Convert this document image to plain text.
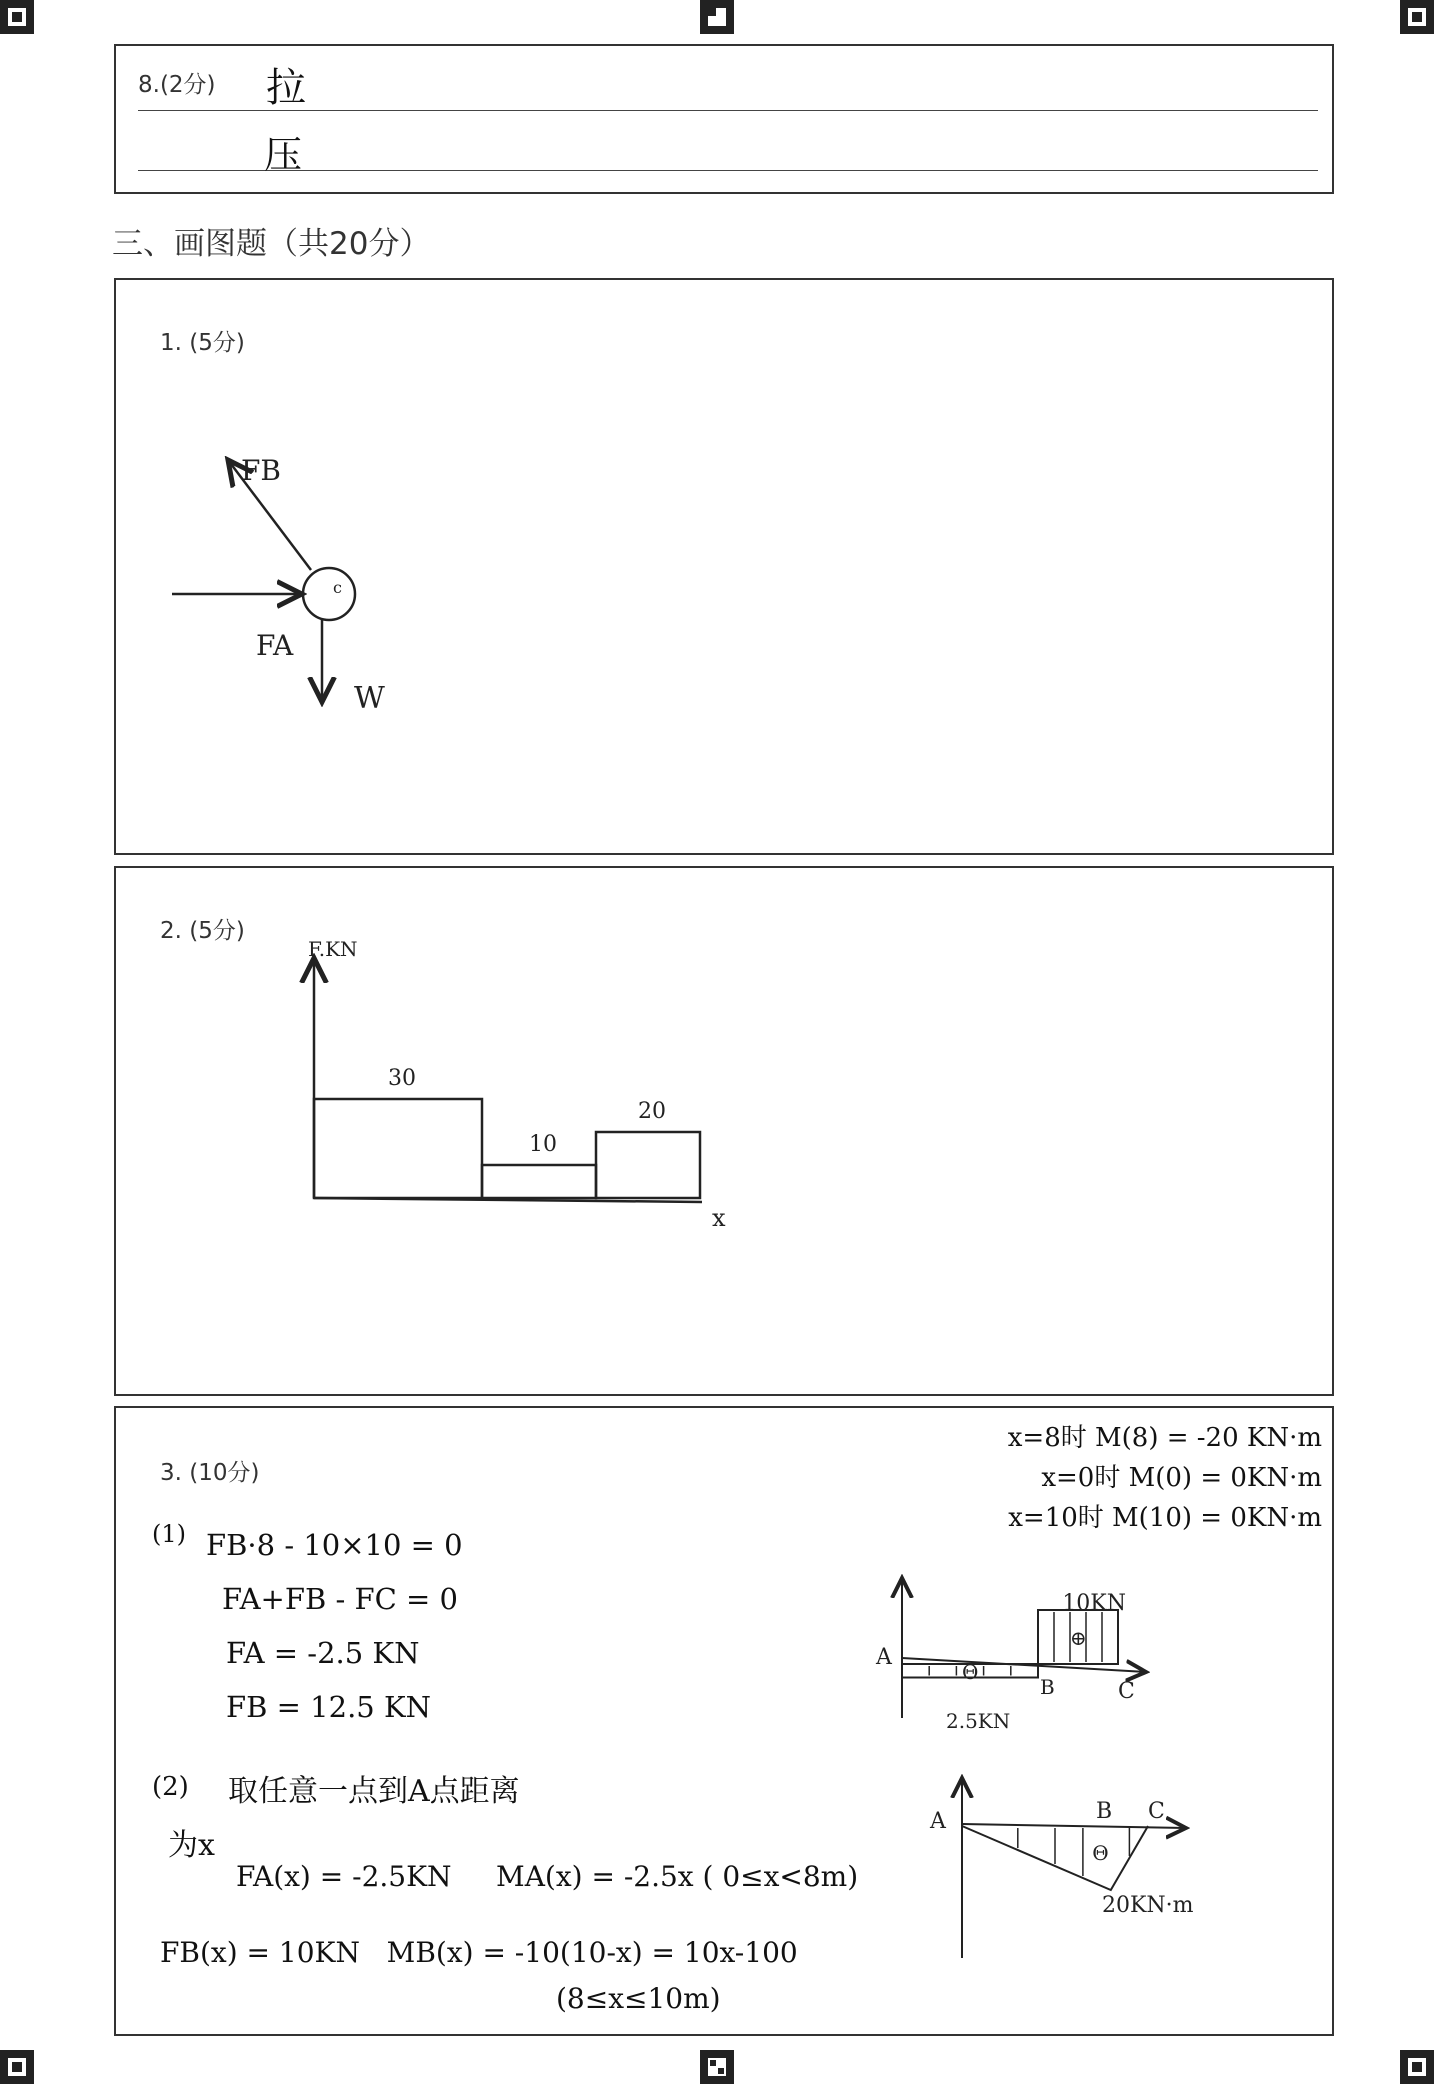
8.(2分) 拉
压
三、画图题（共20分）
1. (5分)
c
FB
FA
W
2. (5分)
F.KN
x
30
10
20
3. (10分)
x=8时 M(8) = -20 KN·m
x=0时 M(0) = 0KN·m
x=10时 M(10) = 0KN·m
(1) FB·8 - 10×10 = 0
FA+FB - FC = 0
FA = -2.5 KN
FB = 12.5 KN
(2) 取任意一点到A点距离
为x
FA(x) = -2.5KN     MA(x) = -2.5x ( 0≤x<8m)
FB(x) = 10KN   MB(x) = -10(10-x) = 10x-100
(8≤x≤10m)
A
B	C
10KN
2.5KN
Θ
⊕
A	B C
20KN·m
Θ
